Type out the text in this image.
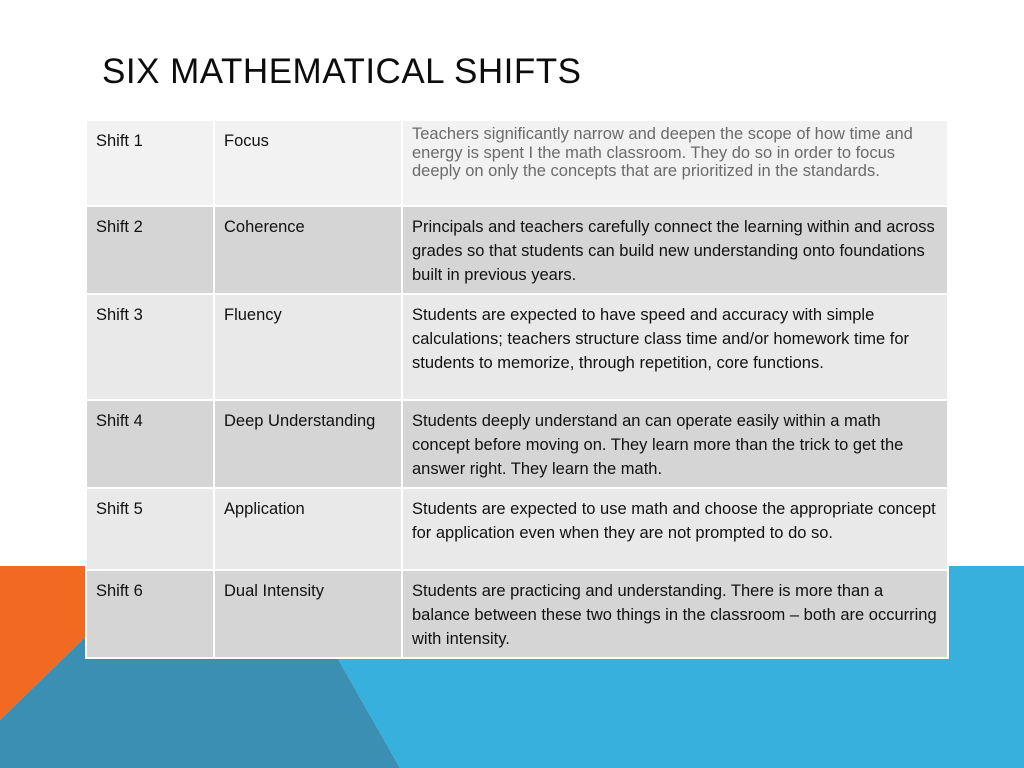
SIX MATHEMATICAL SHIFTS
Shift 1	Focus	Teachers significantly narrow and deepen the scope of how time and energy is spent I the math classroom. They do so in order to focus deeply on only the concepts that are prioritized in the standards.
Shift 2	Coherence	Principals and teachers carefully connect the learning within and across grades so that students can build new understanding onto foundations built in previous years.
Shift 3	Fluency	Students are expected to have speed and accuracy with simple calculations; teachers structure class time and/or homework time for students to memorize, through repetition, core functions.
Shift 4	Deep Understanding	Students deeply understand an can operate easily within a math concept before moving on. They learn more than the trick to get the answer right. They learn the math.
Shift 5	Application	Students are expected to use math and choose the appropriate concept for application even when they are not prompted to do so.
Shift 6	Dual Intensity	Students are practicing and understanding. There is more than a balance between these two things in the classroom – both are occurring with intensity.
